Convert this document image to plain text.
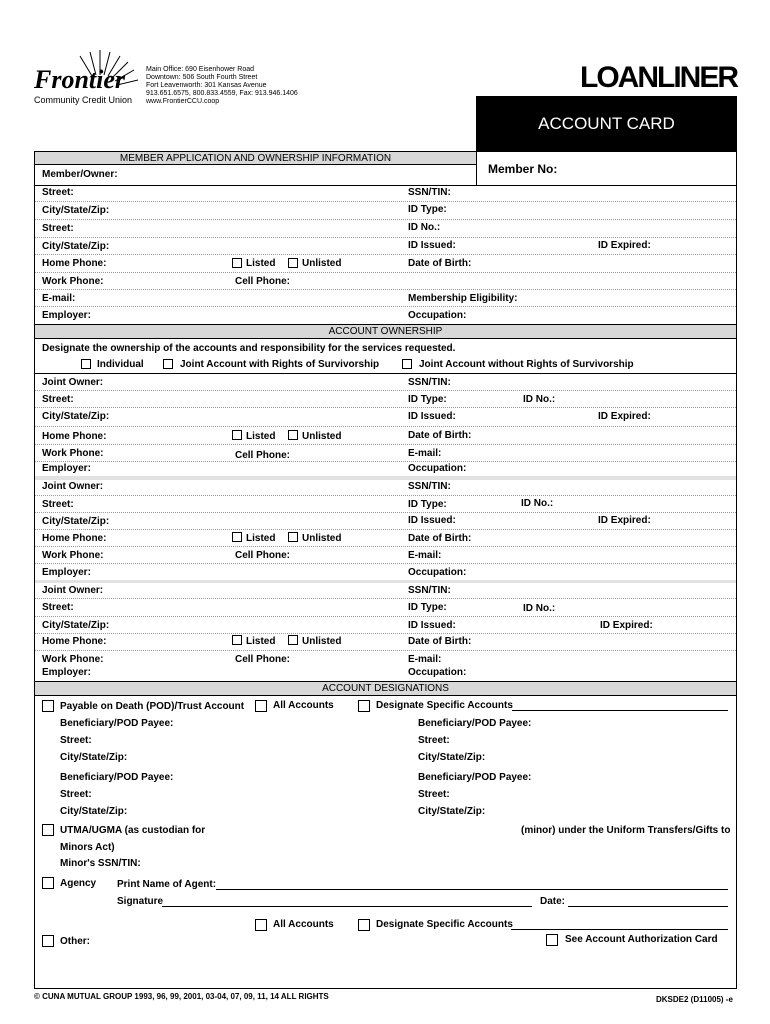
Frontier
Community Credit Union
Main Office: 690 Eisenhower Road
Downtown: 506 South Fourth Street
Fort Leavenworth: 301 Kansas Avenue
913.651.6575, 800.833.4559, Fax: 913.946.1406
www.FrontierCCU.coop
LOANLINER
ACCOUNT CARD
MEMBER APPLICATION AND OWNERSHIP INFORMATION
Member No:
Member/Owner:
Street:	SSN/TIN:
City/State/Zip:	ID Type:
Street:	ID No.:
City/State/Zip:	ID Issued:	ID Expired:
Home Phone:	Listed	Unlisted	Date of Birth:
Work Phone:	Cell Phone:
E-mail:	Membership Eligibility:
Employer:	Occupation:
ACCOUNT OWNERSHIP
Designate the ownership of the accounts and responsibility for the services requested.
Individual	Joint Account with Rights of Survivorship	Joint Account without Rights of Survivorship
Joint Owner:	SSN/TIN:
Street:	ID Type:	ID No.:
City/State/Zip:	ID Issued:	ID Expired:
Home Phone:	Listed	Unlisted	Date of Birth:
Work Phone:	Cell Phone:	E-mail:
Employer:	Occupation:
Joint Owner:	SSN/TIN:
Street:	ID Type:	ID No.:
City/State/Zip:	ID Issued:	ID Expired:
Home Phone:	Listed	Unlisted	Date of Birth:
Work Phone:	Cell Phone:	E-mail:
Employer:	Occupation:
Joint Owner:	SSN/TIN:
Street:	ID Type:	ID No.:
City/State/Zip:	ID Issued:	ID Expired:
Home Phone:	Listed	Unlisted	Date of Birth:
Work Phone:	Cell Phone:	E-mail:
Employer:	Occupation:
ACCOUNT DESIGNATIONS
Payable on Death (POD)/Trust Account	All Accounts	Designate Specific Accounts
Beneficiary/POD Payee:	Beneficiary/POD Payee:
Street:	Street:
City/State/Zip:	City/State/Zip:
Beneficiary/POD Payee:	Beneficiary/POD Payee:
Street:	Street:
City/State/Zip:	City/State/Zip:
UTMA/UGMA (as custodian for	(minor) under the Uniform Transfers/Gifts to
Minors Act)
Minor's SSN/TIN:
Agency Print Name of Agent:
Signature	Date:
All Accounts	Designate Specific Accounts
Other:	See Account Authorization Card
© CUNA MUTUAL GROUP 1993, 96, 99, 2001, 03-04, 07, 09, 11, 14 ALL RIGHTS	DKSDE2 (D11005) -e
